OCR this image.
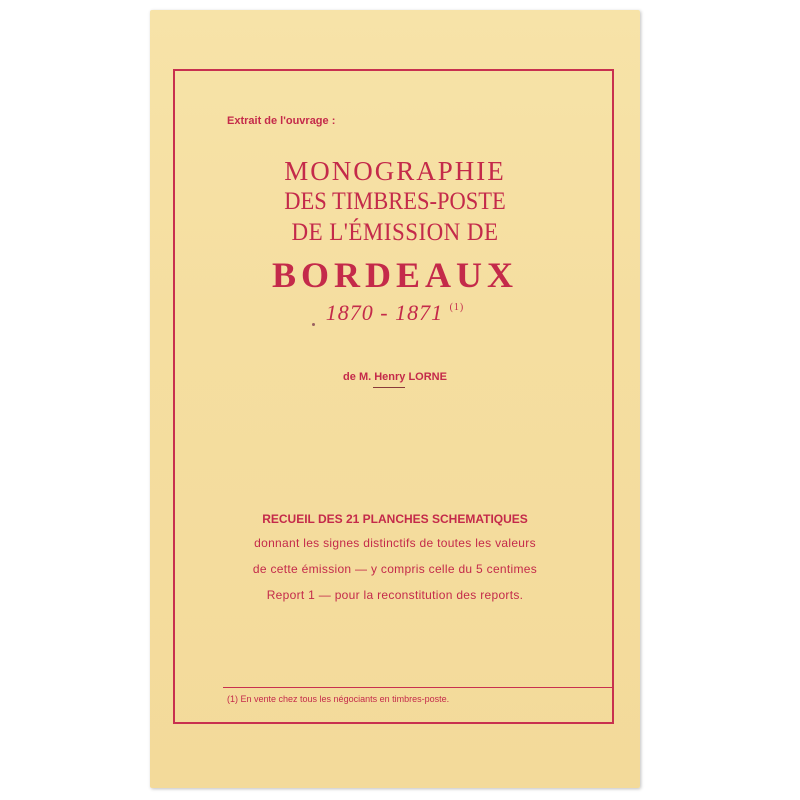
Extrait de l'ouvrage :
MONOGRAPHIE
DES TIMBRES-POSTE
DE L'ÉMISSION DE
BORDEAUX
1870 - 1871 $^{(1)}$
de M. Henry LORNE
RECUEIL DES 21 PLANCHES SCHEMATIQUES
donnant les signes distinctifs de toutes les valeurs
de cette émission — y compris celle du 5 centimes
Report 1 — pour la reconstitution des reports.
(1) En vente chez tous les négociants en timbres-poste.
